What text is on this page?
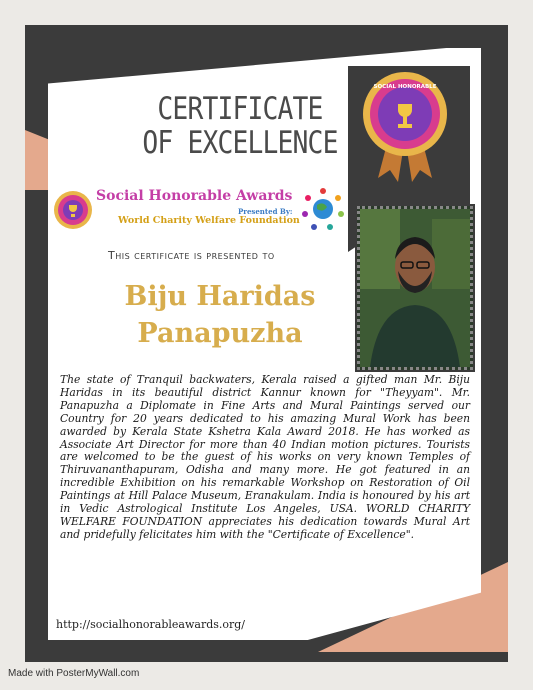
SOCIAL HONORABLE
CERTIFICATE
OF EXCELLENCE
Social Honorable Awards
Presented By:
World Charity Welfare Foundation
This certificate is presented to
Biju Haridas
Panapuzha
The state of Tranquil backwaters, Kerala raised a gifted man Mr. Biju Haridas in its beautiful district Kannur known for "Theyyam". Mr. Panapuzha a Diplomate in Fine Arts and Mural Paintings served our Country for 20 years dedicated to his amazing Mural Work has been awarded by Kerala State Kshetra Kala Award 2018. He has worked as Associate Art Director for more than 40 Indian motion pictures. Tourists are welcomed to be the guest of his works on very known Temples of Thiruvananthapuram, Odisha and many more. He got featured in an incredible Exhibition on his remarkable Workshop on Restoration of Oil Paintings at Hill Palace Museum, Eranakulam. India is honoured by his art in Vedic Astrological Institute Los Angeles, USA. WORLD CHARITY WELFARE FOUNDATION appreciates his dedication towards Mural Art and pridefully felicitates him with the "Certificate of Excellence".
http://socialhonorableawards.org/
Made with PosterMyWall.com
